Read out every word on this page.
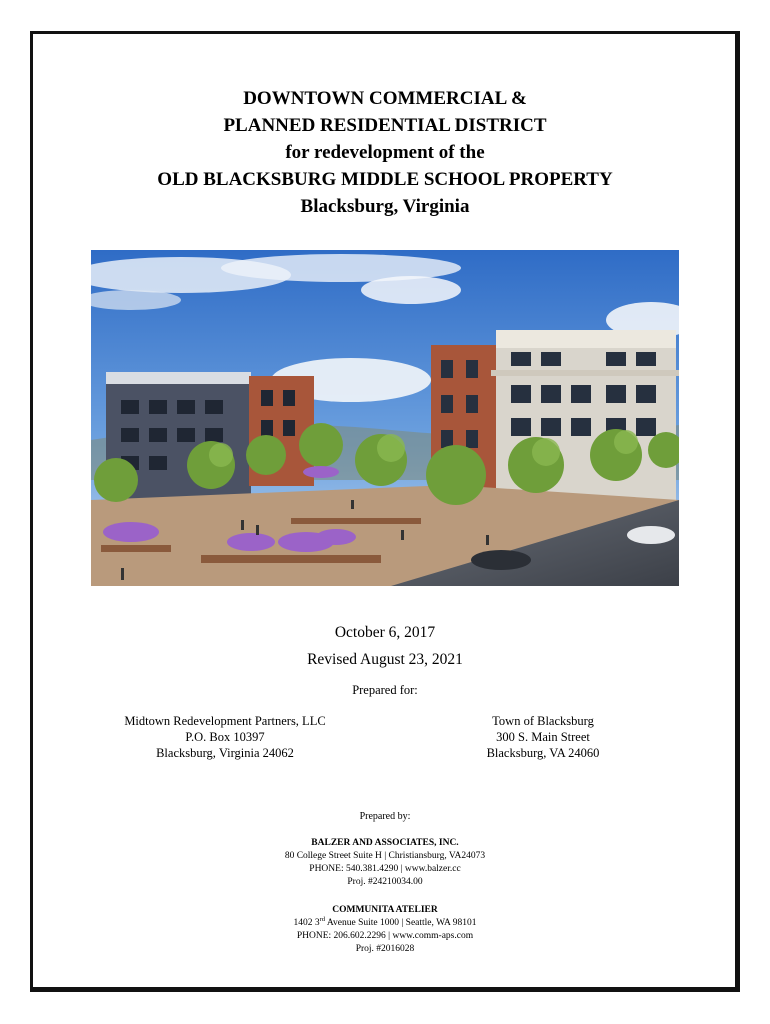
DOWNTOWN COMMERCIAL &
PLANNED RESIDENTIAL DISTRICT
for redevelopment of the
OLD BLACKSBURG MIDDLE SCHOOL PROPERTY
Blacksburg, Virginia
October 6, 2017
Revised August 23, 2021
Prepared for:
Midtown Redevelopment Partners, LLC
P.O. Box 10397
Blacksburg, Virginia 24062
Town of Blacksburg
300 S. Main Street
Blacksburg, VA 24060
Prepared by:
BALZER AND ASSOCIATES, INC.
80 College Street Suite H | Christiansburg, VA24073
PHONE: 540.381.4290 | www.balzer.cc
Proj. #24210034.00
COMMUNITA ATELIER
1402 3rd Avenue Suite 1000 | Seattle, WA 98101
PHONE: 206.602.2296 | www.comm-aps.com
Proj. #2016028
